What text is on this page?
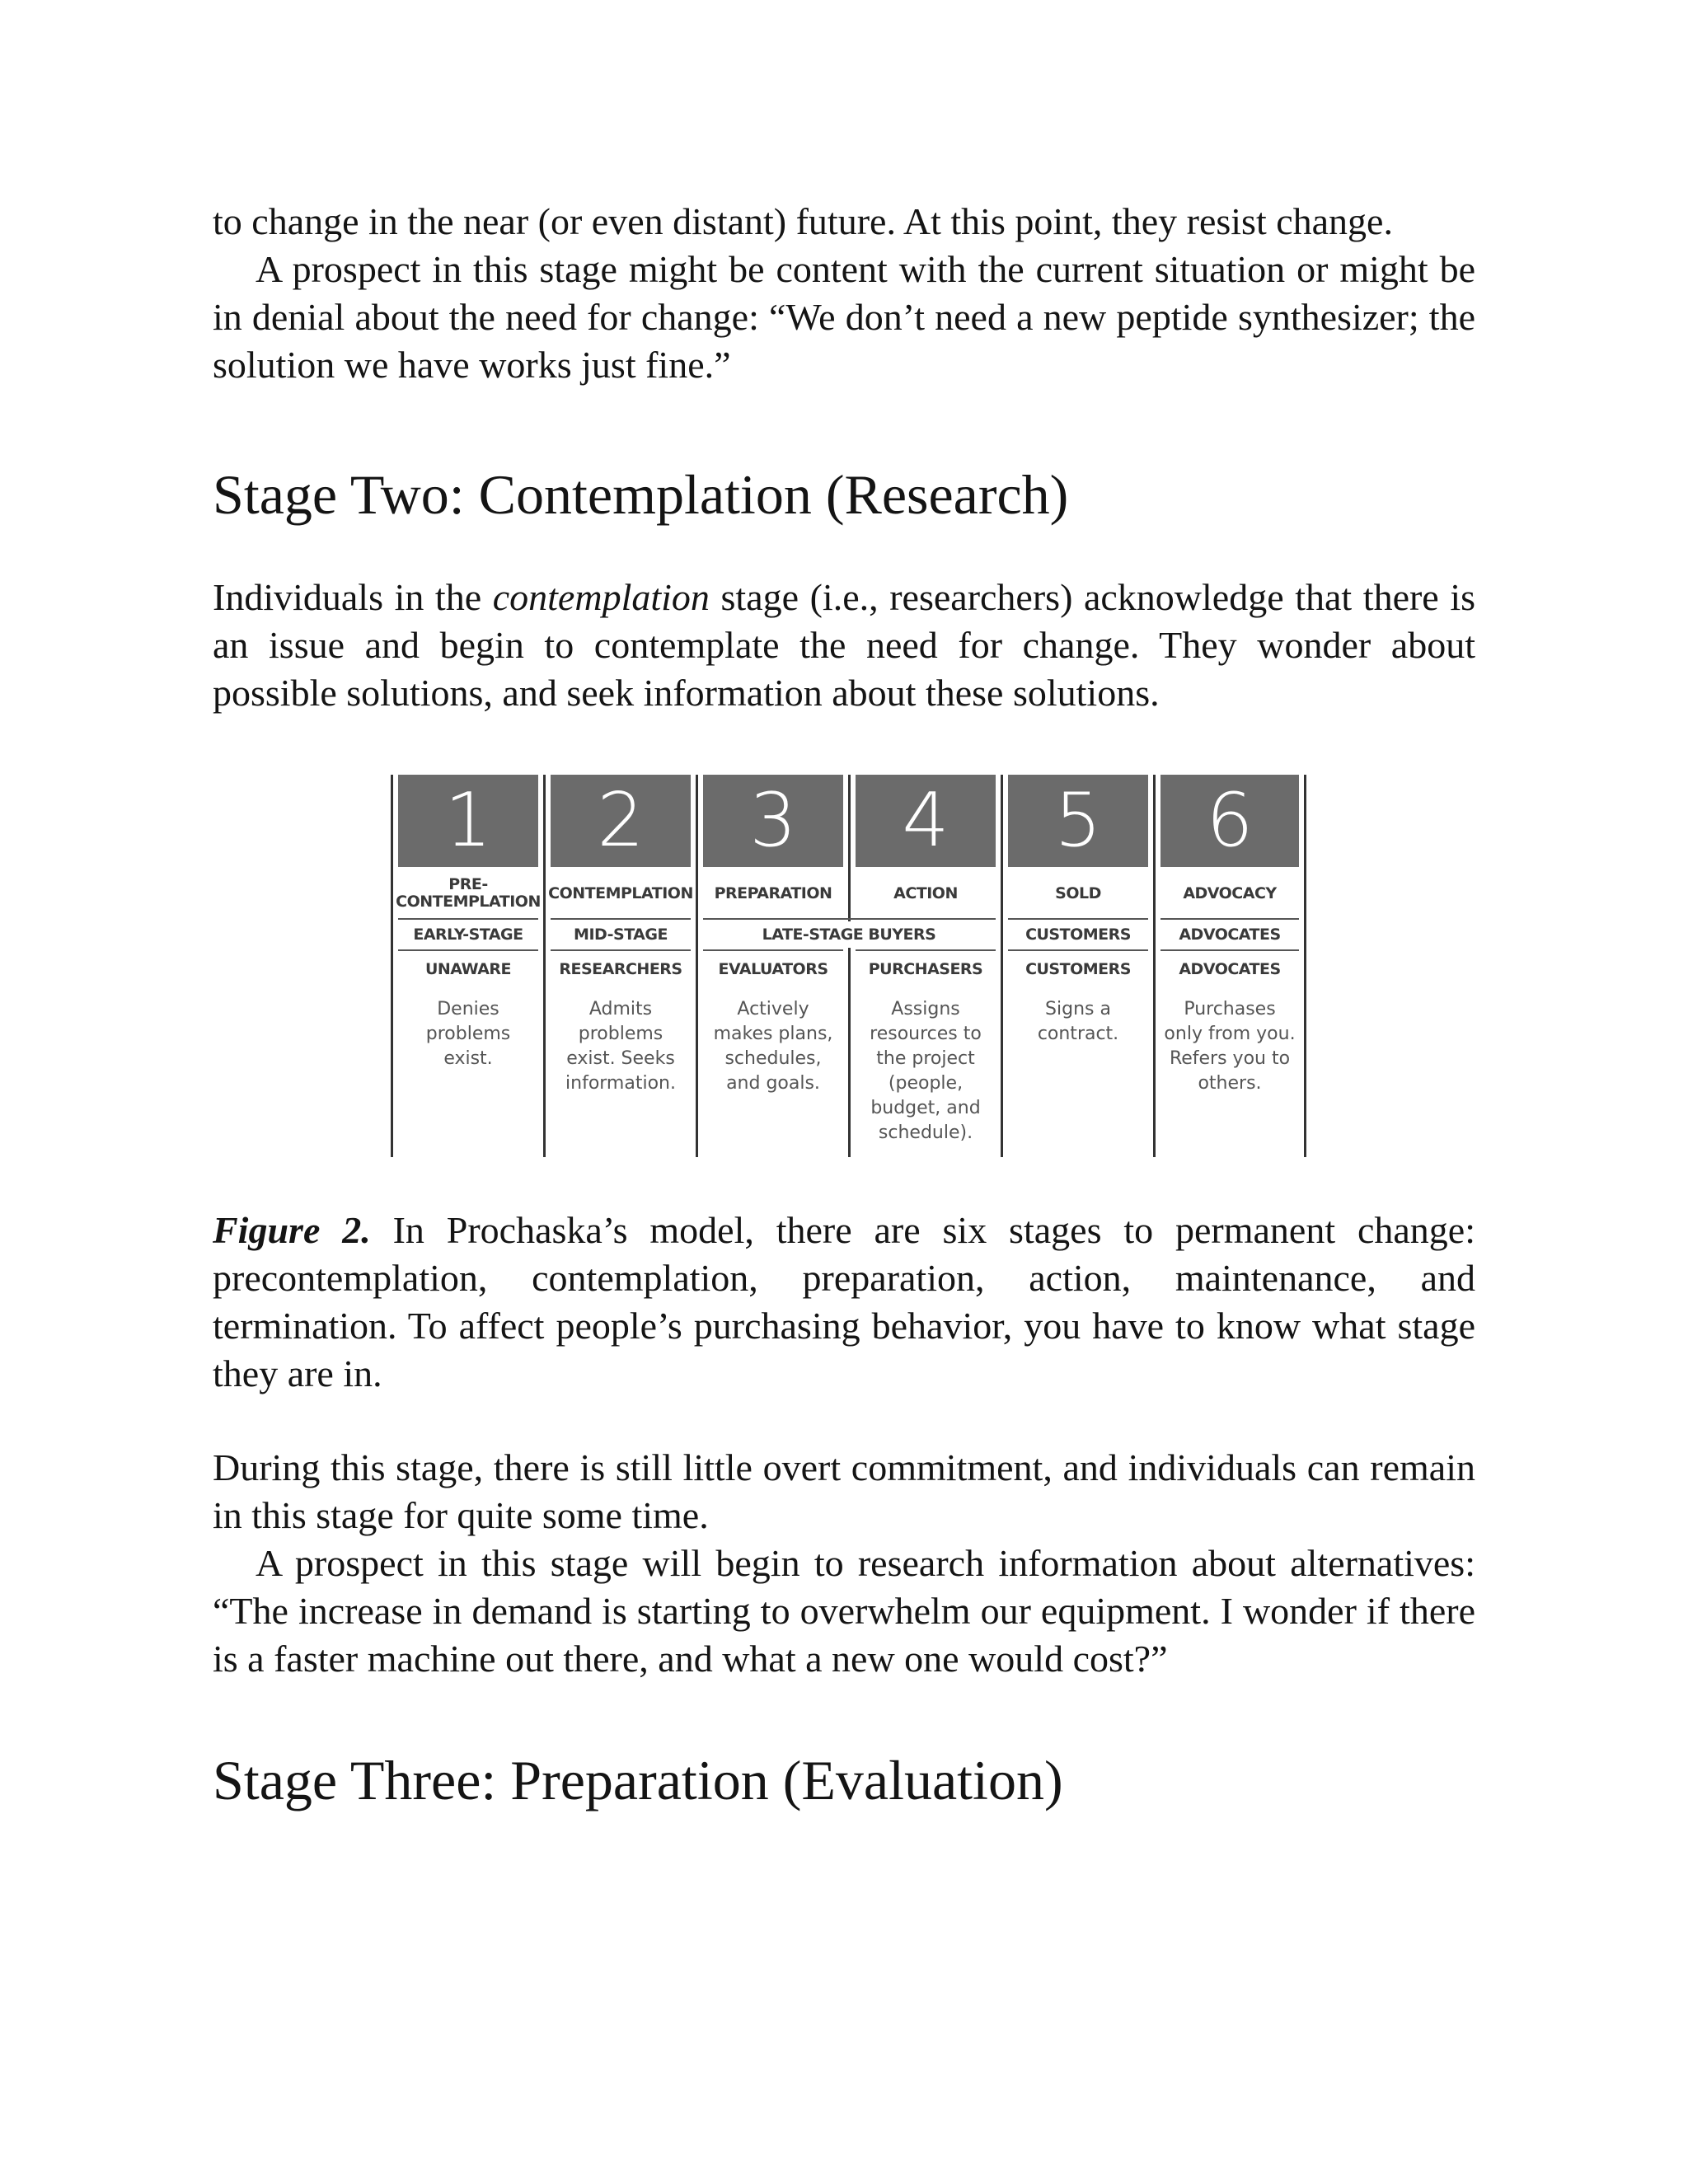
to change in the near (or even distant) future. At this point, they resist change.

A prospect in this stage might be content with the current situation or might be in denial about the need for change: “We don’t need a new peptide synthesizer; the solution we have works just fine.”

Stage Two: Contemplation (Research)

Individuals in the contemplation stage (i.e., researchers) acknowledge that there is an issue and begin to contemplate the need for change. They wonder about possible solutions, and seek information about these solutions.

1
PRE-
CONTEMPLATION
EARLY-STAGE
UNAWARE
Denies
problems
exist.
2
CONTEMPLATION
MID-STAGE
RESEARCHERS
Admits
problems
exist. Seeks
information.
3
PREPARATION
EVALUATORS
Actively
makes plans,
schedules,
and goals.
4
ACTION
PURCHASERS
Assigns
resources to
the project
(people,
budget, and
schedule).
LATE-STAGE BUYERS
5
SOLD
CUSTOMERS
CUSTOMERS
Signs a
contract.
6
ADVOCACY
ADVOCATES
ADVOCATES
Purchases
only from you.
Refers you to
others.

Figure 2. In Prochaska’s model, there are six stages to permanent change: precontemplation, contemplation, preparation, action, maintenance, and termination. To affect people’s purchasing behavior, you have to know what stage they are in.

During this stage, there is still little overt commitment, and individuals can remain in this stage for quite some time.

A prospect in this stage will begin to research information about alternatives: “The increase in demand is starting to overwhelm our equipment. I wonder if there is a faster machine out there, and what a new one would cost?”

Stage Three: Preparation (Evaluation)
